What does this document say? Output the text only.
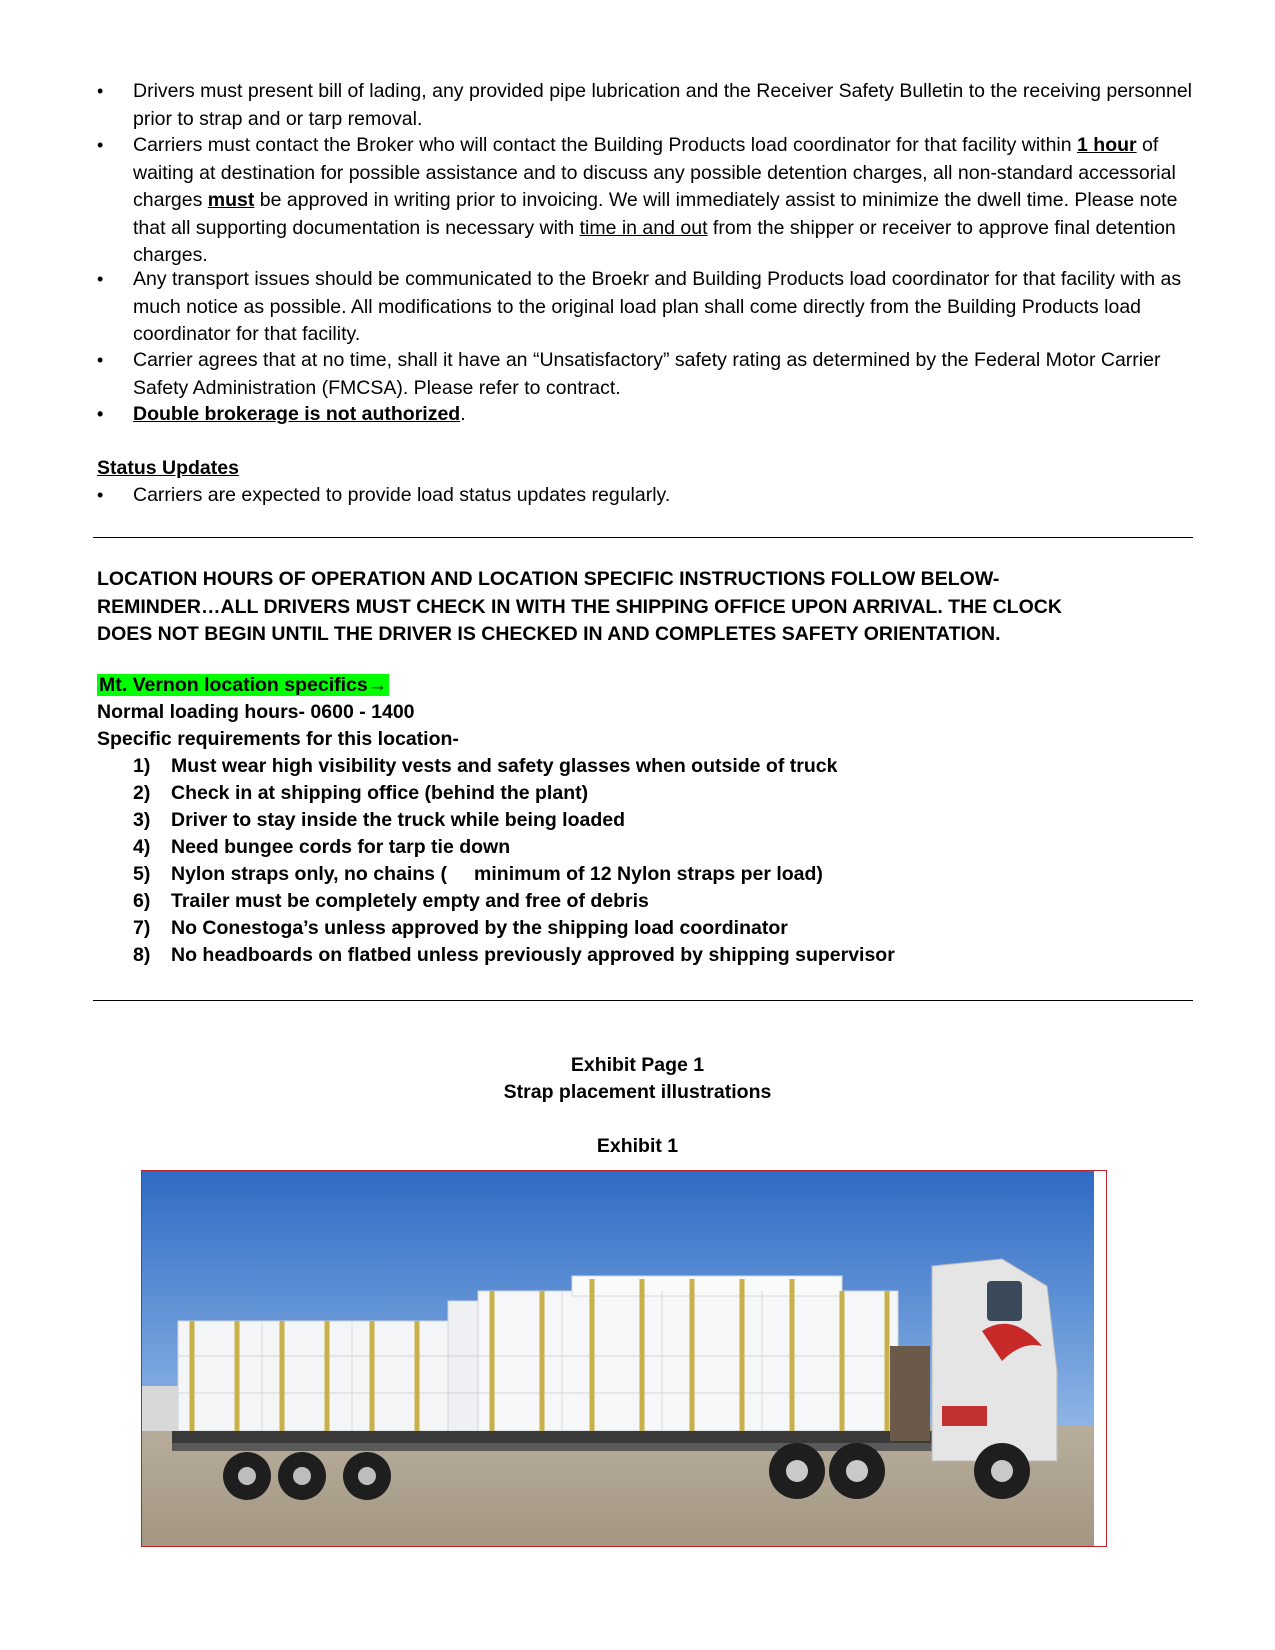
• Drivers must present bill of lading, any provided pipe lubrication and the Receiver Safety Bulletin to the receiving personnel prior to strap and or tarp removal.

• Carriers must contact the Broker who will contact the Building Products load coordinator for that facility within 1 hour of waiting at destination for possible assistance and to discuss any possible detention charges, all non-standard accessorial charges must be approved in writing prior to invoicing. We will immediately assist to minimize the dwell time. Please note that all supporting documentation is necessary with time in and out from the shipper or receiver to approve final detention charges.

• Any transport issues should be communicated to the Broekr and Building Products load coordinator for that facility with as much notice as possible. All modifications to the original load plan shall come directly from the Building Products load coordinator for that facility.

• Carrier agrees that at no time, shall it have an “Unsatisfactory” safety rating as determined by the Federal Motor Carrier Safety Administration (FMCSA). Please refer to contract.

• Double brokerage is not authorized.

Status Updates
• Carriers are expected to provide load status updates regularly.

LOCATION HOURS OF OPERATION AND LOCATION SPECIFIC INSTRUCTIONS FOLLOW BELOW-REMINDER…ALL DRIVERS MUST CHECK IN WITH THE SHIPPING OFFICE UPON ARRIVAL. THE CLOCK DOES NOT BEGIN UNTIL THE DRIVER IS CHECKED IN AND COMPLETES SAFETY ORIENTATION.

Mt. Vernon location specifics→
Normal loading hours- 0600 - 1400
Specific requirements for this location-
1) Must wear high visibility vests and safety glasses when outside of truck
2) Check in at shipping office (behind the plant)
3) Driver to stay inside the truck while being loaded
4) Need bungee cords for tarp tie down
5) Nylon straps only, no chains (     minimum of 12 Nylon straps per load)
6) Trailer must be completely empty and free of debris
7) No Conestoga’s unless approved by the shipping load coordinator
8) No headboards on flatbed unless previously approved by shipping supervisor
Exhibit Page 1
Strap placement illustrations
Exhibit 1
